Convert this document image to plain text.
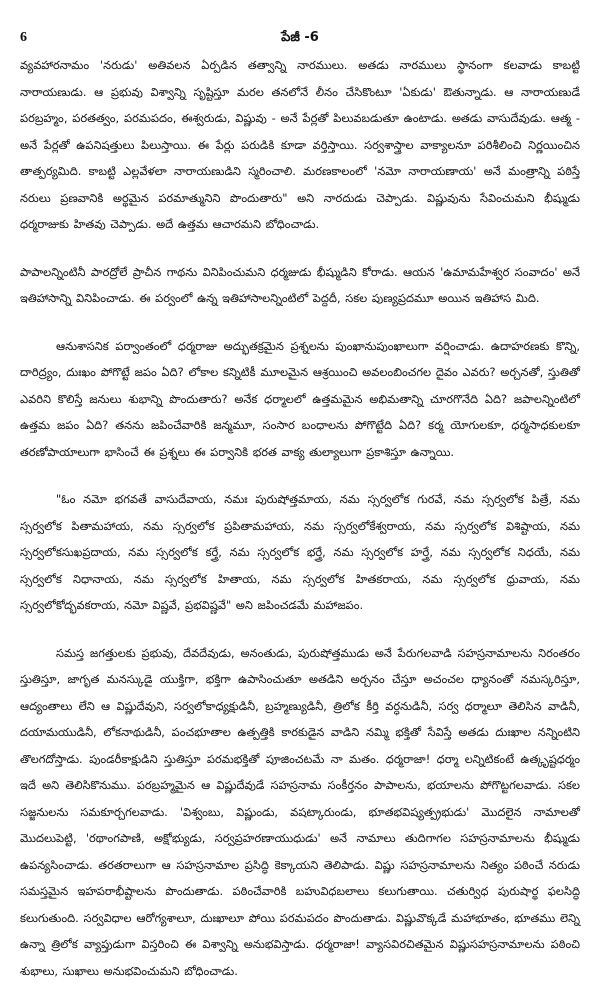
6	పేజీ -6

వ్యవహారనామం 'నరుడు' అతివలన ఏర్పడిన తత్వాన్ని నారములు. అతడు నారములు స్థానంగా కలవాడు కాబట్టి నారాయణుడు. ఆ ప్రభువు విశ్వాన్ని సృష్టిస్తూ మరల తనలోనే లీనం చేసికొంటూ 'ఏకుడు' ఔతున్నాడు. ఆ నారాయణుడే పరబ్రహ్మం, పరతత్వం, పరమపదం, ఈశ్వరుడు, విష్ణువు - అనే పేర్లతో పిలువబడుతూ ఉంటాడు. అతడు వాసుదేవుడు. ఆత్మ - అనే పేర్లతో ఉపనిషత్తులు పిలుస్తాయి. ఈ పేర్లు పరుడికి కూడా వర్తిస్తాయి. సర్వశాస్త్రాల వాక్యాలనూ పరిశీలించి నిర్ణయించిన తాత్పర్యమిది. కాబట్టి ఎల్లవేళలా నారాయణుడిని స్మరించాలి. మరణకాలంలో 'నమో నారాయణాయ' అనే మంత్రాన్ని పఠిస్తే నరులు ప్రణవానికి అర్థమైన పరమాత్మునిని పొందుతారు" అని నారదుడు చెప్పాడు. విష్ణువును సేవించుమని భీష్ముడు ధర్మరాజుకు హితవు చెప్పాడు. అదే ఉత్తమ ఆచారమని బోధించాడు.

పాపాలన్నింటినీ పారద్రోలే ప్రాచీన గాథను వినిపించుమని ధర్మజుడు భీష్ముడిని కోరాడు. ఆయన 'ఉమామహేశ్వర సంవాదం' అనే ఇతిహాసాన్ని వినిపించాడు. ఈ పర్వంలో ఉన్న ఇతిహాసాలన్నింటిలో పెద్దదీ, సకల పుణ్యప్రదమూ అయిన ఇతిహాస మిది.

ఆనుశాసనిక పర్వాంతంలో ధర్మరాజు అద్భుతక్రమైన ప్రశ్నలను పుంఖానుపుంఖాలుగా వర్షించాడు. ఉదాహరణకు కొన్ని, దారిద్ర్యం, దుఃఖం పోగొట్టే జపం ఏది? లోకాల కన్నిటికీ మూలమైన ఆశ్రయించి అవలంబించగల దైవం ఎవరు? అర్చనతో, స్తుతితో ఎవరిని కొలిస్తే జనులు శుభాన్ని పొందుతారు? అనేక ధర్మాలలో ఉత్తమమైన అభిమతాన్ని చూరగొనేది ఏది? జపాలన్నింటిలో ఉత్తమ జపం ఏది? తనను జపించేవారికి జన్మమూ, సంసార బంధాలను పోగొట్టేది ఏది? కర్మ యోగులకూ, ధర్మసాధకులకూ తరణోపాయాలుగా భాసించే ఈ ప్రశ్నలు ఈ పర్వానికి భరత వాక్య తుల్యాలుగా ప్రకాశిస్తూ ఉన్నాయి.

"ఓం నమో భగవతే వాసుదేవాయ, నమః పురుషోత్తమాయ, నమ స్సర్వలోక గురవే, నమ స్సర్వలోక పిత్రే, నమ స్సర్వలోక పితామహాయ, నమ స్సర్వలోక ప్రపితామహాయ, నమ స్సర్వలోకేశ్వరాయ, నమ స్సర్వలోక విశిష్టాయ, నమ స్సర్వలోకసుఖప్రదాయ, నమ స్సర్వలోక కర్త్రే, నమ స్సర్వలోక భర్త్రే, నమ స్సర్వలోక హర్త్రే, నమ స్సర్వలోక నిధయే, నమ స్సర్వలోక నిధానాయ, నమ స్సర్వలోక హితాయ, నమ స్సర్వలోక హితకరాయ, నమ స్సర్వలోక ధ్రువాయ, నమ స్సర్వలోకోద్భవకరాయ, నమో విష్ణవే, ప్రభవిష్ణవే" అని జపించడమే మహాజపం.

సమస్త జగత్తులకు ప్రభువు, దేవదేవుడు, అనంతుడు, పురుషోత్తముడు అనే పేరుగలవాడి సహస్రనామాలను నిరంతరం స్తుతిస్తూ, జాగృత మనస్కుడై యుక్తిగా, భక్తిగా ఉపాసించుతూ అతడిని అర్చనం చేస్తూ అచంచల ధ్యానంతో నమస్కరిస్తూ, ఆద్యంతాలు లేని ఆ విష్ణుదేవుని, సర్వలోకాధ్యక్షుడినీ, బ్రహ్మణ్యుడినీ, త్రిలోక కీర్తి వర్ధనుడినీ, సర్వ ధర్మాలూ తెలిసిన వాడినీ, దయామయుడినీ, లోకనాథుడినీ, పంచభూతాల ఉత్పత్తికి కారకుడైన వాడిని నమ్మి భక్తితో సేవిస్తే అతడు దుఃఖాల నన్నింటిని తొలగదోస్తాడు. పుండరీకాక్షుడిని స్తుతిస్తూ పరమభక్తితో పూజించటమే నా మతం. ధర్మరాజా! ధర్మా లన్నిటికంటే ఉత్కృష్టధర్మం ఇదే అని తెలిసికొనుము. పరబ్రహ్మమైన ఆ విష్ణుదేవుడే సహస్రనామ సంకీర్తనం పాపాలను, భయాలను పోగొట్టగలవాడు. సకల సజ్జనులను సమకూర్చగలవాడు. 'విశ్వంబు, విష్ణుండు, వషట్కారుండు, భూతభవిష్యత్ప్రభుడు' మొదలైన నామాలతో మొదలుపెట్టి, 'రథాంగపాణి, అక్షోభ్యుడు, సర్వప్రహరణాయుధుడు' అనే నామాలు తుదిగాగల సహస్రనామాలను భీష్ముడు ఉపన్యసించాడు. తరతరాలుగా ఆ సహస్రనామాల ప్రసిద్ధి కెక్కాయని తెలిపాడు. విష్ణు సహస్రనామాలను నిత్యం పఠించే నరుడు సమస్తమైన ఇహపరాభీష్టాలను పొందుతాడు. పఠించేవారికి బహువిధబలాలు కలుగుతాయి. చతుర్విధ పురుషార్థ ఫలసిద్ధి కలుగుతుంది. సర్వవిధాల ఆరోగ్యశాలూ, దుఃఖాలూ పోయి పరమపదం పొందుతాడు. విష్ణువొక్కడే మహాభూతం, భూతము లెన్ని ఉన్నా త్రిలోక వ్యాప్తుడుగా విస్తరించి ఈ విశ్వాన్ని అనుభవిస్తాడు. ధర్మరాజా! వ్యాసవిరచితమైన విష్ణుసహస్రనామాలను పఠించి శుభాలు, సుఖాలు అనుభవించుమని బోధించాడు.
